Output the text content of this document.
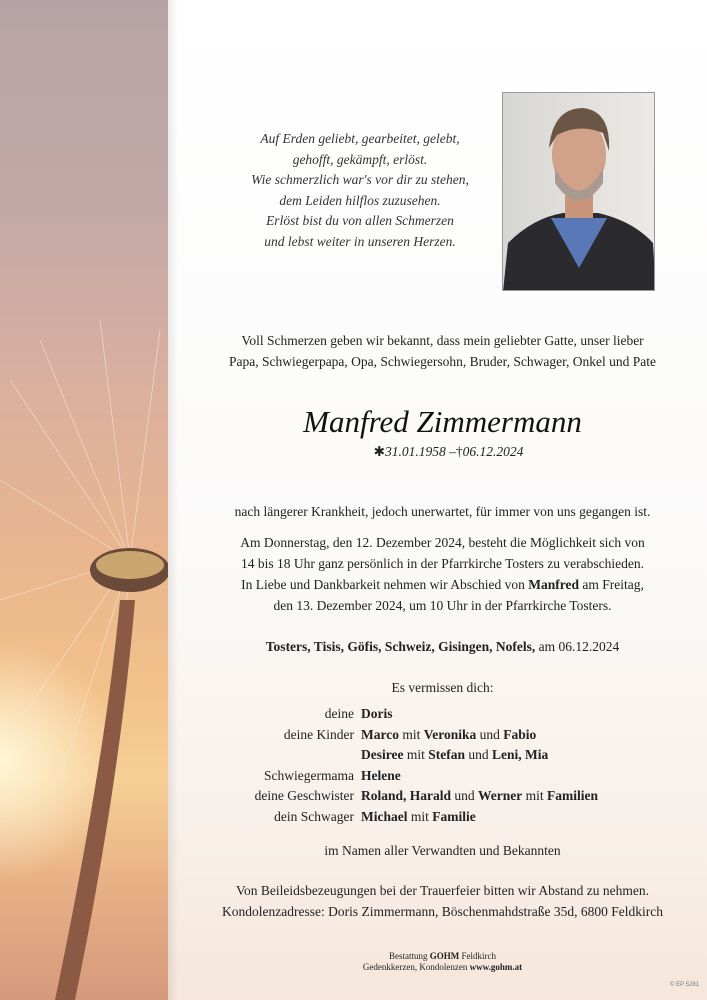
Auf Erden geliebt, gearbeitet, gelebt,
gehofft, gekämpft, erlöst.
Wie schmerzlich war's vor dir zu stehen,
dem Leiden hilflos zuzusehen.
Erlöst bist du von allen Schmerzen
und lebst weiter in unseren Herzen.
Voll Schmerzen geben wir bekannt, dass mein geliebter Gatte, unser lieber
Papa, Schwiegerpapa, Opa, Schwiegersohn, Bruder, Schwager, Onkel und Pate
Manfred Zimmermann
✱31.01.1958 –†06.12.2024
nach längerer Krankheit, jedoch unerwartet, für immer von uns gegangen ist.
Am Donnerstag, den 12. Dezember 2024, besteht die Möglichkeit sich von
14 bis 18 Uhr ganz persönlich in der Pfarrkirche Tosters zu verabschieden.
In Liebe und Dankbarkeit nehmen wir Abschied von Manfred am Freitag,
den 13. Dezember 2024, um 10 Uhr in der Pfarrkirche Tosters.
Tosters, Tisis, Göfis, Schweiz, Gisingen, Nofels, am 06.12.2024
Es vermissen dich:
deine Doris
deine Kinder Marco mit Veronika und Fabio
Desiree mit Stefan und Leni, Mia
Schwiegermama Helene
deine Geschwister Roland, Harald und Werner mit Familien
dein Schwager Michael mit Familie
im Namen aller Verwandten und Bekannten
Von Beileidsbezeugungen bei der Trauerfeier bitten wir Abstand zu nehmen.
Kondolenzadresse: Doris Zimmermann, Böschenmahdstraße 35d, 6800 Feldkirch
Bestattung GOHM Feldkirch
Gedenkkerzen, Kondolenzen www.gohm.at
© EP 5281
